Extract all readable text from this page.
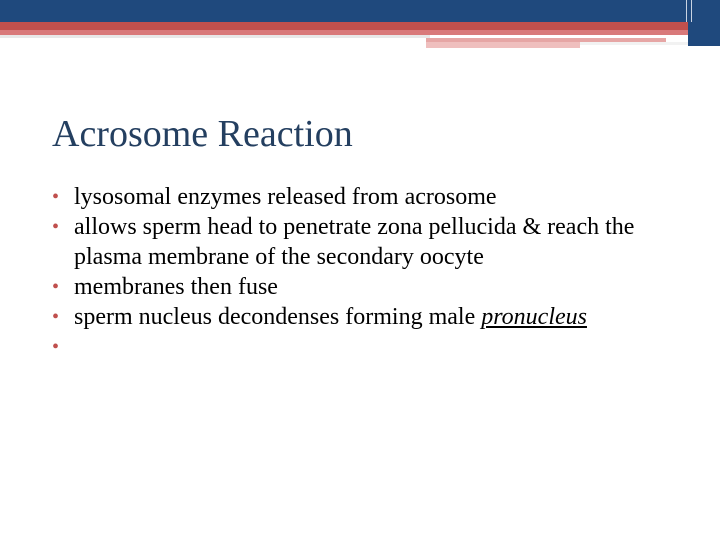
Acrosome Reaction
• lysosomal enzymes released from acrosome
• allows sperm head to penetrate zona pellucida & reach the plasma membrane of the secondary oocyte
• membranes then fuse
• sperm nucleus decondenses forming male pronucleus
•
